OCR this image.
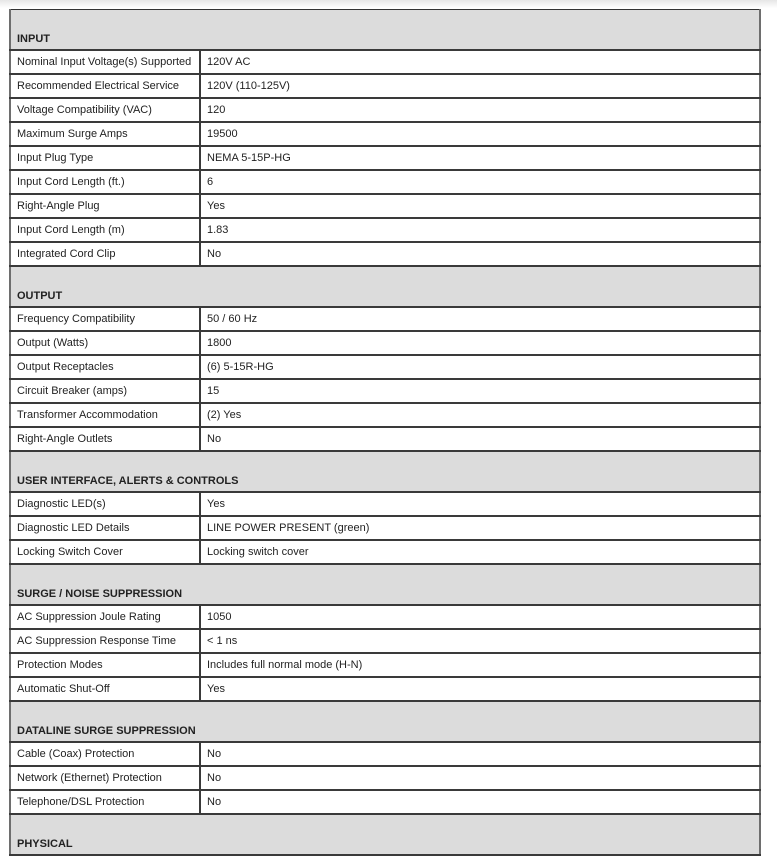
INPUT	
Nominal Input Voltage(s) Supported	120V AC
Recommended Electrical Service	120V (110-125V)
Voltage Compatibility (VAC)	120
Maximum Surge Amps	19500
Input Plug Type	NEMA 5-15P-HG
Input Cord Length (ft.)	6
Right-Angle Plug	Yes
Input Cord Length (m)	1.83
Integrated Cord Clip	No
OUTPUT	
Frequency Compatibility	50 / 60 Hz
Output (Watts)	1800
Output Receptacles	(6) 5-15R-HG
Circuit Breaker (amps)	15
Transformer Accommodation	(2) Yes
Right-Angle Outlets	No
USER INTERFACE, ALERTS & CONTROLS	
Diagnostic LED(s)	Yes
Diagnostic LED Details	LINE POWER PRESENT (green)
Locking Switch Cover	Locking switch cover
SURGE / NOISE SUPPRESSION	
AC Suppression Joule Rating	1050
AC Suppression Response Time	< 1 ns
Protection Modes	Includes full normal mode (H-N)
Automatic Shut-Off	Yes
DATALINE SURGE SUPPRESSION	
Cable (Coax) Protection	No
Network (Ethernet) Protection	No
Telephone/DSL Protection	No
PHYSICAL	
